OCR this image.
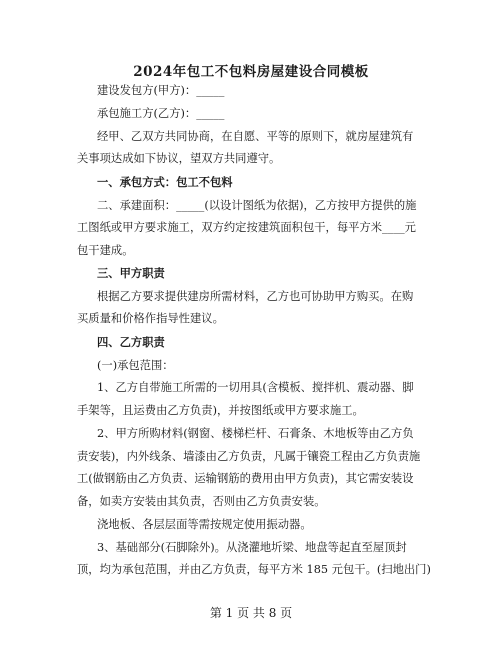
2024年包工不包料房屋建设合同模板
建设发包方(甲方)：_____
承包施工方(乙方)：_____
经甲、乙双方共同协商，在自愿、平等的原则下，就房屋建筑有
关事项达成如下协议，望双方共同遵守。
一、承包方式：包工不包料
二、承建面积：_____(以设计图纸为依据)，乙方按甲方提供的施
工图纸或甲方要求施工，双方约定按建筑面积包干，每平方米____元
包干建成。
三、甲方职责
根据乙方要求提供建房所需材料，乙方也可协助甲方购买。在购
买质量和价格作指导性建议。
四、乙方职责
(一)承包范围：
1、乙方自带施工所需的一切用具(含模板、搅拌机、震动器、脚
手架等，且运费由乙方负责)，并按图纸或甲方要求施工。
2、甲方所购材料(钢窗、楼梯栏杆、石膏条、木地板等由乙方负
责安装)，内外线条、墙漆由乙方负责，凡属于镶瓷工程由乙方负责施
工(做钢筋由乙方负责、运输钢筋的费用由甲方负责)，其它需安装设
备，如卖方安装由其负责，否则由乙方负责安装。
浇地板、各层层面等需按规定使用振动器。
3、基础部分(石脚除外)。从浇灌地圻梁、地盘等起直至屋顶封
顶，均为承包范围，并由乙方负责，每平方米 185 元包干。(扫地出门)
第 1 页 共 8 页
